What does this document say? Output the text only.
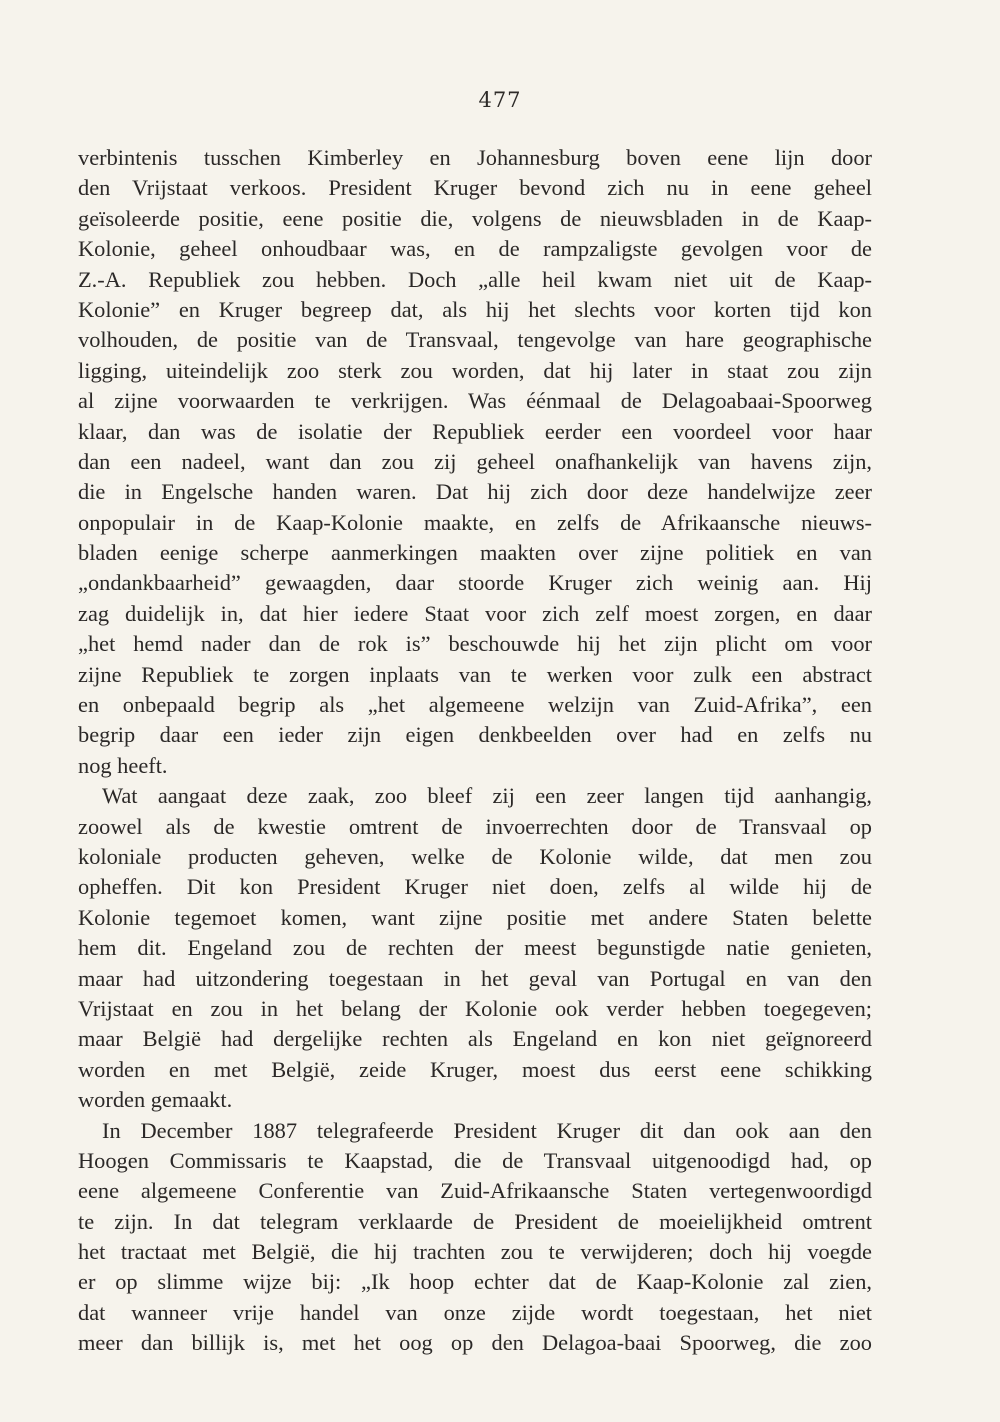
477
verbintenis tusschen Kimberley en Johannesburg boven eene lijn door
den Vrijstaat verkoos. President Kruger bevond zich nu in eene geheel
geïsoleerde positie, eene positie die, volgens de nieuwsbladen in de Kaap-
Kolonie, geheel onhoudbaar was, en de rampzaligste gevolgen voor de
Z.-A. Republiek zou hebben. Doch „alle heil kwam niet uit de Kaap-
Kolonie” en Kruger begreep dat, als hij het slechts voor korten tijd kon
volhouden, de positie van de Transvaal, tengevolge van hare geographische
ligging, uiteindelijk zoo sterk zou worden, dat hij later in staat zou zijn
al zijne voorwaarden te verkrijgen. Was éénmaal de Delagoabaai-Spoorweg
klaar, dan was de isolatie der Republiek eerder een voordeel voor haar
dan een nadeel, want dan zou zij geheel onafhankelijk van havens zijn,
die in Engelsche handen waren. Dat hij zich door deze handelwijze zeer
onpopulair in de Kaap-Kolonie maakte, en zelfs de Afrikaansche nieuws-
bladen eenige scherpe aanmerkingen maakten over zijne politiek en van
„ondankbaarheid” gewaagden, daar stoorde Kruger zich weinig aan. Hij
zag duidelijk in, dat hier iedere Staat voor zich zelf moest zorgen, en daar
„het hemd nader dan de rok is” beschouwde hij het zijn plicht om voor
zijne Republiek te zorgen inplaats van te werken voor zulk een abstract
en onbepaald begrip als „het algemeene welzijn van Zuid-Afrika”, een
begrip daar een ieder zijn eigen denkbeelden over had en zelfs nu
nog heeft.
Wat aangaat deze zaak, zoo bleef zij een zeer langen tijd aanhangig,
zoowel als de kwestie omtrent de invoerrechten door de Transvaal op
koloniale producten geheven, welke de Kolonie wilde, dat men zou
opheffen. Dit kon President Kruger niet doen, zelfs al wilde hij de
Kolonie tegemoet komen, want zijne positie met andere Staten belette
hem dit. Engeland zou de rechten der meest begunstigde natie genieten,
maar had uitzondering toegestaan in het geval van Portugal en van den
Vrijstaat en zou in het belang der Kolonie ook verder hebben toegegeven;
maar België had dergelijke rechten als Engeland en kon niet geïgnoreerd
worden en met België, zeide Kruger, moest dus eerst eene schikking
worden gemaakt.
In December 1887 telegrafeerde President Kruger dit dan ook aan den
Hoogen Commissaris te Kaapstad, die de Transvaal uitgenoodigd had, op
eene algemeene Conferentie van Zuid-Afrikaansche Staten vertegenwoordigd
te zijn. In dat telegram verklaarde de President de moeielijkheid omtrent
het tractaat met België, die hij trachten zou te verwijderen; doch hij voegde
er op slimme wijze bij: „Ik hoop echter dat de Kaap-Kolonie zal zien,
dat wanneer vrije handel van onze zijde wordt toegestaan, het niet
meer dan billijk is, met het oog op den Delagoa-baai Spoorweg, die zoo
